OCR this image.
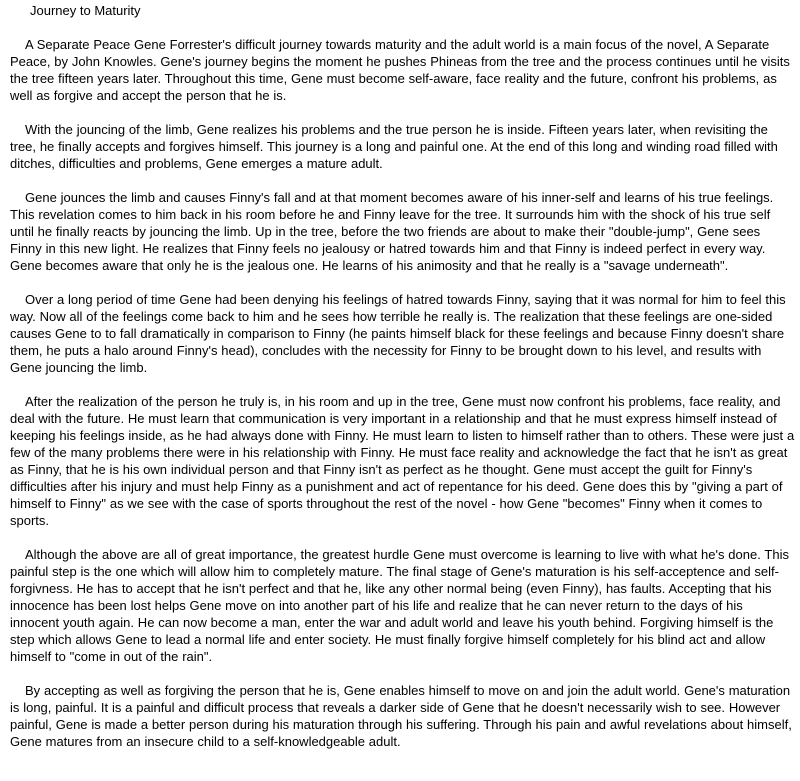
Journey to Maturity

A Separate Peace Gene Forrester's difficult journey towards maturity and the adult world is a main focus of the novel, A Separate Peace, by John Knowles. Gene's journey begins the moment he pushes Phineas from the tree and the process continues until he visits the tree fifteen years later. Throughout this time, Gene must become self-aware, face reality and the future, confront his problems, as well as forgive and accept the person that he is.

With the jouncing of the limb, Gene realizes his problems and the true person he is inside. Fifteen years later, when revisiting the tree, he finally accepts and forgives himself. This journey is a long and painful one. At the end of this long and winding road filled with ditches, difficulties and problems, Gene emerges a mature adult.

Gene jounces the limb and causes Finny's fall and at that moment becomes aware of his inner-self and learns of his true feelings. This revelation comes to him back in his room before he and Finny leave for the tree. It surrounds him with the shock of his true self until he finally reacts by jouncing the limb. Up in the tree, before the two friends are about to make their "double-jump", Gene sees Finny in this new light. He realizes that Finny feels no jealousy or hatred towards him and that Finny is indeed perfect in every way. Gene becomes aware that only he is the jealous one. He learns of his animosity and that he really is a "savage underneath".

Over a long period of time Gene had been denying his feelings of hatred towards Finny, saying that it was normal for him to feel this way. Now all of the feelings come back to him and he sees how terrible he really is. The realization that these feelings are one-sided causes Gene to to fall dramatically in comparison to Finny (he paints himself black for these feelings and because Finny doesn't share them, he puts a halo around Finny's head), concludes with the necessity for Finny to be brought down to his level, and results with Gene jouncing the limb.

After the realization of the person he truly is, in his room and up in the tree, Gene must now confront his problems, face reality, and deal with the future. He must learn that communication is very important in a relationship and that he must express himself instead of keeping his feelings inside, as he had always done with Finny. He must learn to listen to himself rather than to others. These were just a few of the many problems there were in his relationship with Finny. He must face reality and acknowledge the fact that he isn't as great as Finny, that he is his own individual person and that Finny isn't as perfect as he thought. Gene must accept the guilt for Finny's difficulties after his injury and must help Finny as a punishment and act of repentance for his deed. Gene does this by "giving a part of himself to Finny" as we see with the case of sports throughout the rest of the novel - how Gene "becomes" Finny when it comes to sports.

Although the above are all of great importance, the greatest hurdle Gene must overcome is learning to live with what he's done. This painful step is the one which will allow him to completely mature. The final stage of Gene's maturation is his self-acceptence and self-forgivness. He has to accept that he isn't perfect and that he, like any other normal being (even Finny), has faults. Accepting that his innocence has been lost helps Gene move on into another part of his life and realize that he can never return to the days of his innocent youth again. He can now become a man, enter the war and adult world and leave his youth behind. Forgiving himself is the step which allows Gene to lead a normal life and enter society. He must finally forgive himself completely for his blind act and allow himself to "come in out of the rain".

By accepting as well as forgiving the person that he is, Gene enables himself to move on and join the adult world. Gene's maturation is long, painful. It is a painful and difficult process that reveals a darker side of Gene that he doesn't necessarily wish to see. However painful, Gene is made a better person during his maturation through his suffering. Through his pain and awful revelations about himself, Gene matures from an insecure child to a self-knowledgeable adult.
